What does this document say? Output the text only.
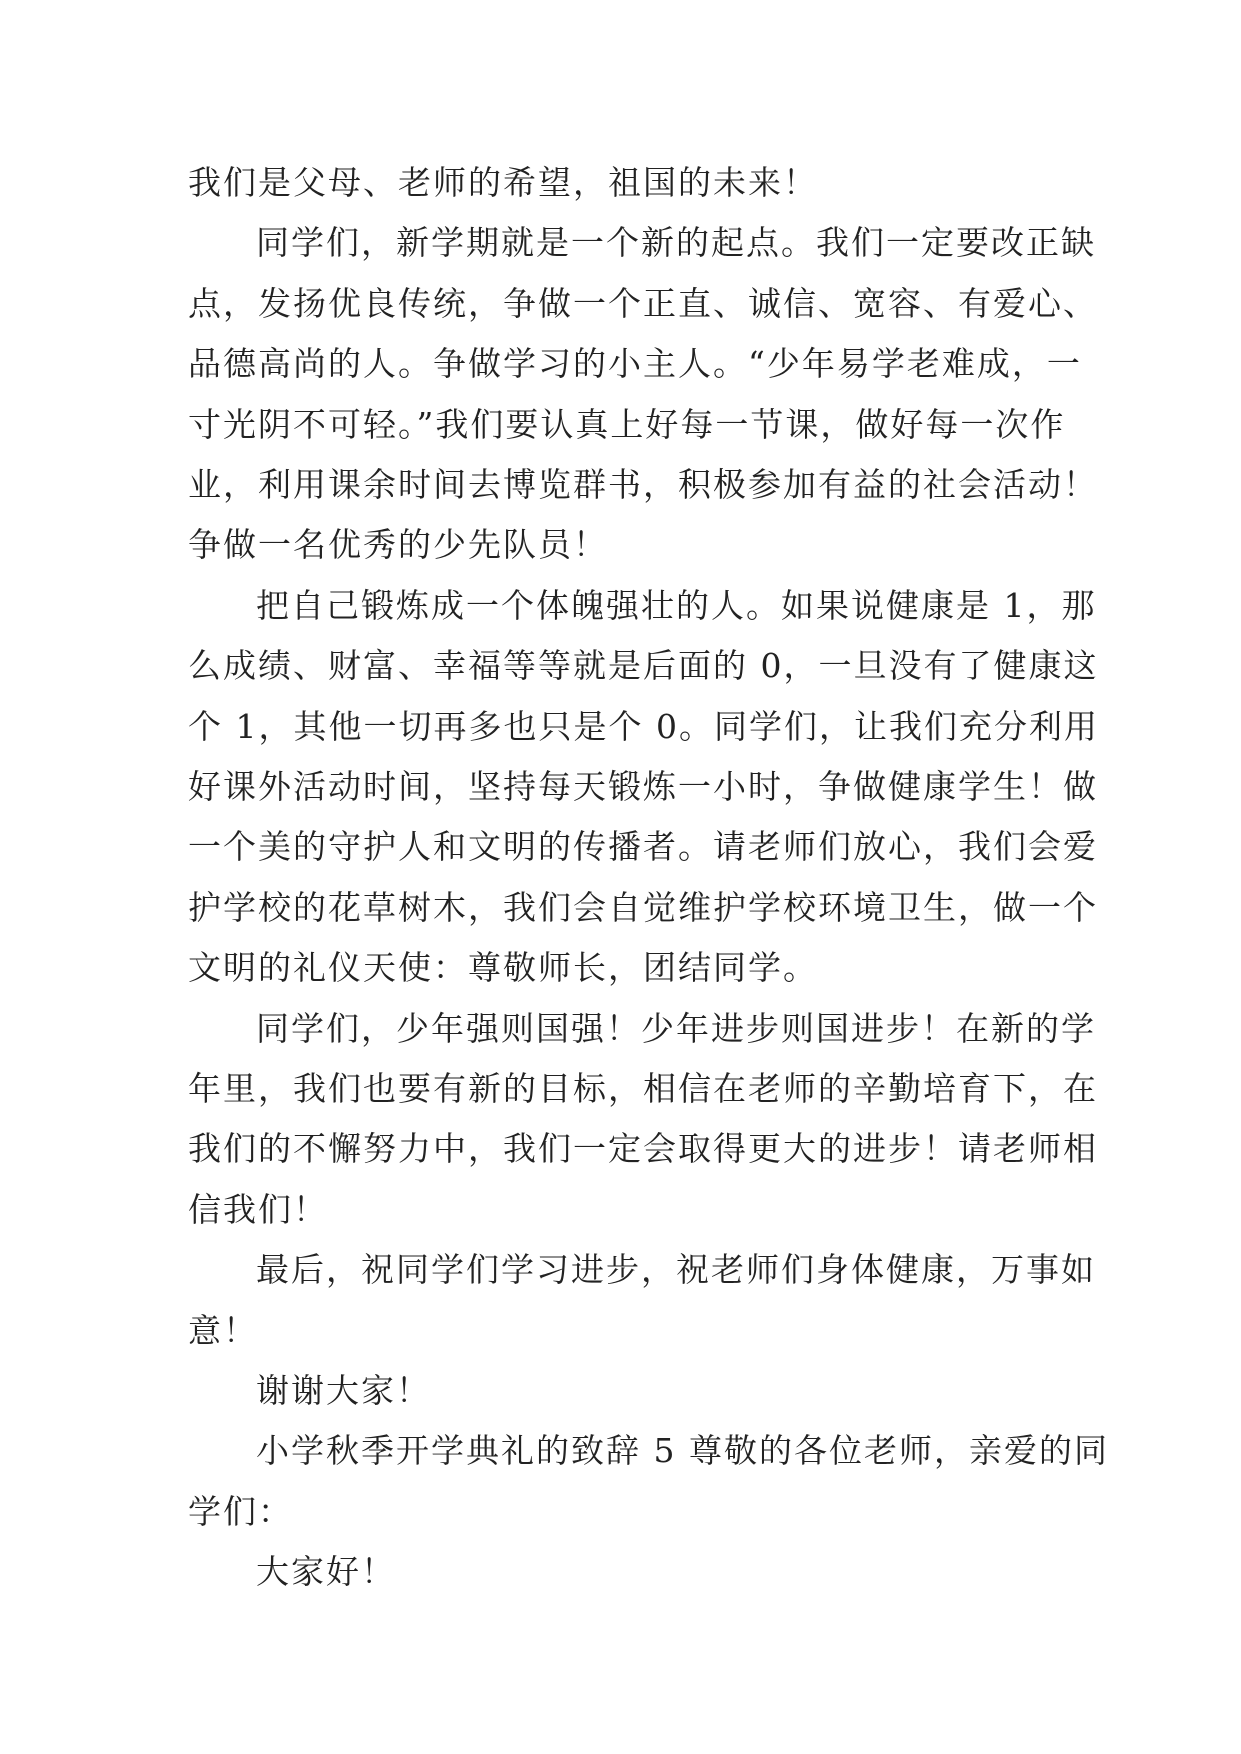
我们是父母、老师的希望，祖国的未来！
同学们，新学期就是一个新的起点。我们一定要改正缺
点，发扬优良传统，争做一个正直、诚信、宽容、有爱心、
品德高尚的人。争做学习的小主人。“少年易学老难成，一
寸光阴不可轻。”我们要认真上好每一节课，做好每一次作
业，利用课余时间去博览群书，积极参加有益的社会活动！
争做一名优秀的少先队员！
把自己锻炼成一个体魄强壮的人。如果说健康是 1，那
么成绩、财富、幸福等等就是后面的 0，一旦没有了健康这
个 1，其他一切再多也只是个 0。同学们，让我们充分利用
好课外活动时间，坚持每天锻炼一小时，争做健康学生！做
一个美的守护人和文明的传播者。请老师们放心，我们会爱
护学校的花草树木，我们会自觉维护学校环境卫生，做一个
文明的礼仪天使：尊敬师长，团结同学。
同学们，少年强则国强！少年进步则国进步！在新的学
年里，我们也要有新的目标，相信在老师的辛勤培育下，在
我们的不懈努力中，我们一定会取得更大的进步！请老师相
信我们！
最后，祝同学们学习进步，祝老师们身体健康，万事如
意！
谢谢大家！
小学秋季开学典礼的致辞 5 尊敬的各位老师，亲爱的同
学们：
大家好！
